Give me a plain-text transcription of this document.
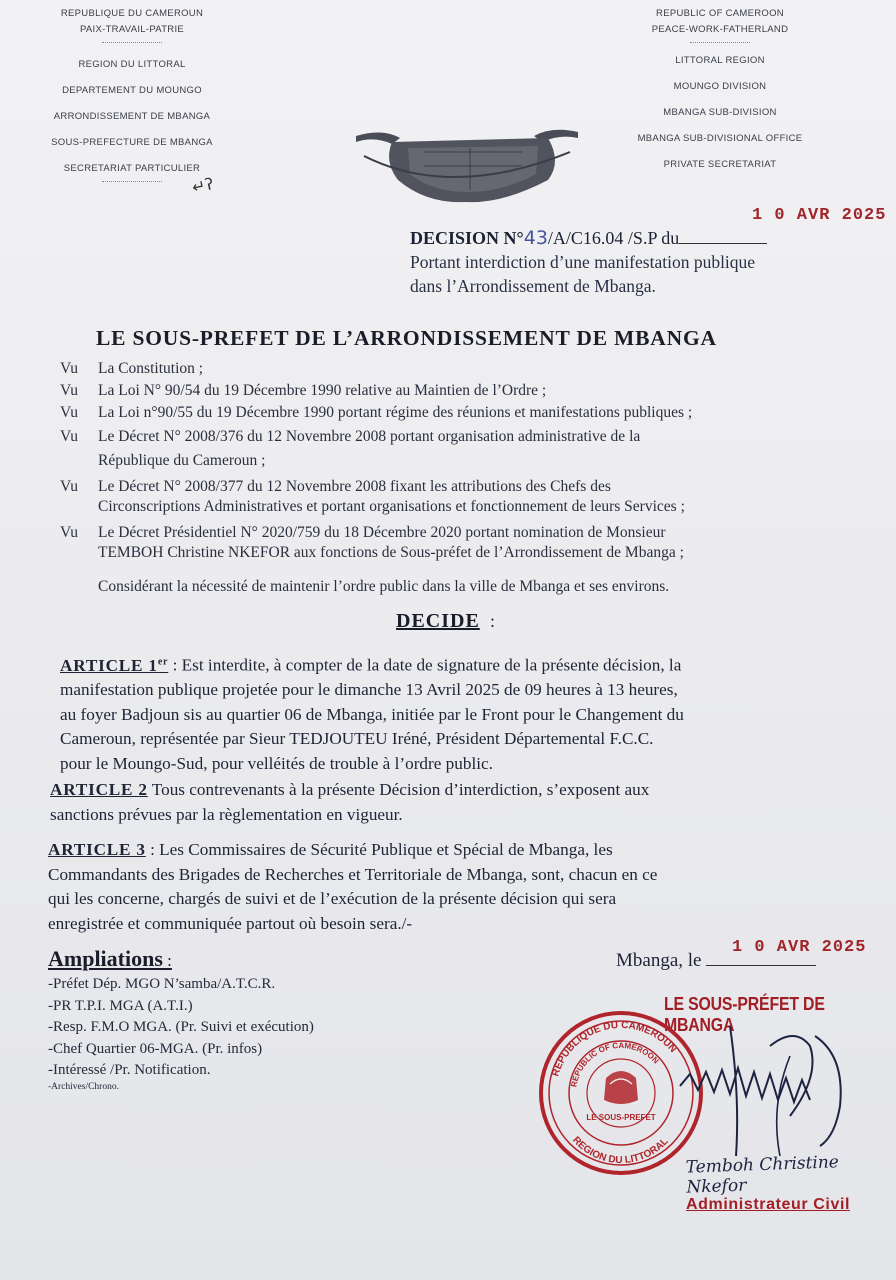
REPUBLIQUE DU CAMEROUN
PAIX-TRAVAIL-PATRIE
REGION DU LITTORAL
DEPARTEMENT DU MOUNGO
ARRONDISSEMENT DE MBANGA
SOUS-PREFECTURE DE MBANGA
SECRETARIAT PARTICULIER
↵ʔ
REPUBLIC OF CAMEROON
PEACE-WORK-FATHERLAND
LITTORAL REGION
MOUNGO DIVISION
MBANGA SUB-DIVISION
MBANGA SUB-DIVISIONAL OFFICE
PRIVATE SECRETARIAT
DECISION N°43/A/C16.04 /S.P du
1 0 AVR 2025
Portant interdiction d’une manifestation publique
dans l’Arrondissement de Mbanga.
LE SOUS-PREFET DE L’ARRONDISSEMENT DE MBANGA
Vu La Constitution ;
Vu La Loi N° 90/54 du 19 Décembre 1990 relative au Maintien de l’Ordre ;
Vu La Loi n°90/55 du 19 Décembre 1990 portant régime des réunions et manifestations publiques ;
Vu Le Décret N° 2008/376 du 12 Novembre 2008 portant organisation administrative de la
République du Cameroun ;
Vu Le Décret N° 2008/377 du 12 Novembre 2008 fixant les attributions des Chefs des
Circonscriptions Administratives et portant organisations et fonctionnement de leurs Services ;
Vu Le Décret Présidentiel N° 2020/759 du 18 Décembre 2020 portant nomination de Monsieur
TEMBOH Christine NKEFOR aux fonctions de Sous-préfet de l’Arrondissement de Mbanga ;
Considérant la nécessité de maintenir l’ordre public dans la ville de Mbanga et ses environs.
DECIDE :
ARTICLE 1er : Est interdite, à compter de la date de signature de la présente décision, la
manifestation publique projetée pour le dimanche 13 Avril 2025 de 09 heures à 13 heures,
au foyer Badjoun sis au quartier 06 de Mbanga, initiée par le Front pour le Changement du
Cameroun, représentée par Sieur TEDJOUTEU Iréné, Président Départemental F.C.C.
pour le Moungo-Sud, pour velléités de trouble à l’ordre public.
ARTICLE 2 Tous contrevenants à la présente Décision d’interdiction, s’exposent aux
sanctions prévues par la règlementation en vigueur.
ARTICLE 3 : Les Commissaires de Sécurité Publique et Spécial de Mbanga, les
Commandants des Brigades de Recherches et Territoriale de Mbanga, sont, chacun en ce
qui les concerne, chargés de suivi et de l’exécution de la présente décision qui sera
enregistrée et communiquée partout où besoin sera./-
Ampliations :
-Préfet Dép. MGO N’samba/A.T.C.R.
-PR T.P.I. MGA (A.T.I.)
-Resp. F.M.O MGA. (Pr. Suivi et exécution)
-Chef Quartier 06-MGA. (Pr. infos)
-Intéressé /Pr. Notification.
-Archives/Chrono.
Mbanga, le
1 0 AVR 2025
LE SOUS-PRÉFET DE MBANGA
REPUBLIQUE DU CAMEROUN
REPUBLIC OF CAMEROON
REGION DU LITTORAL
LE SOUS-PREFET
Temboh Christine Nkefor
Administrateur Civil
